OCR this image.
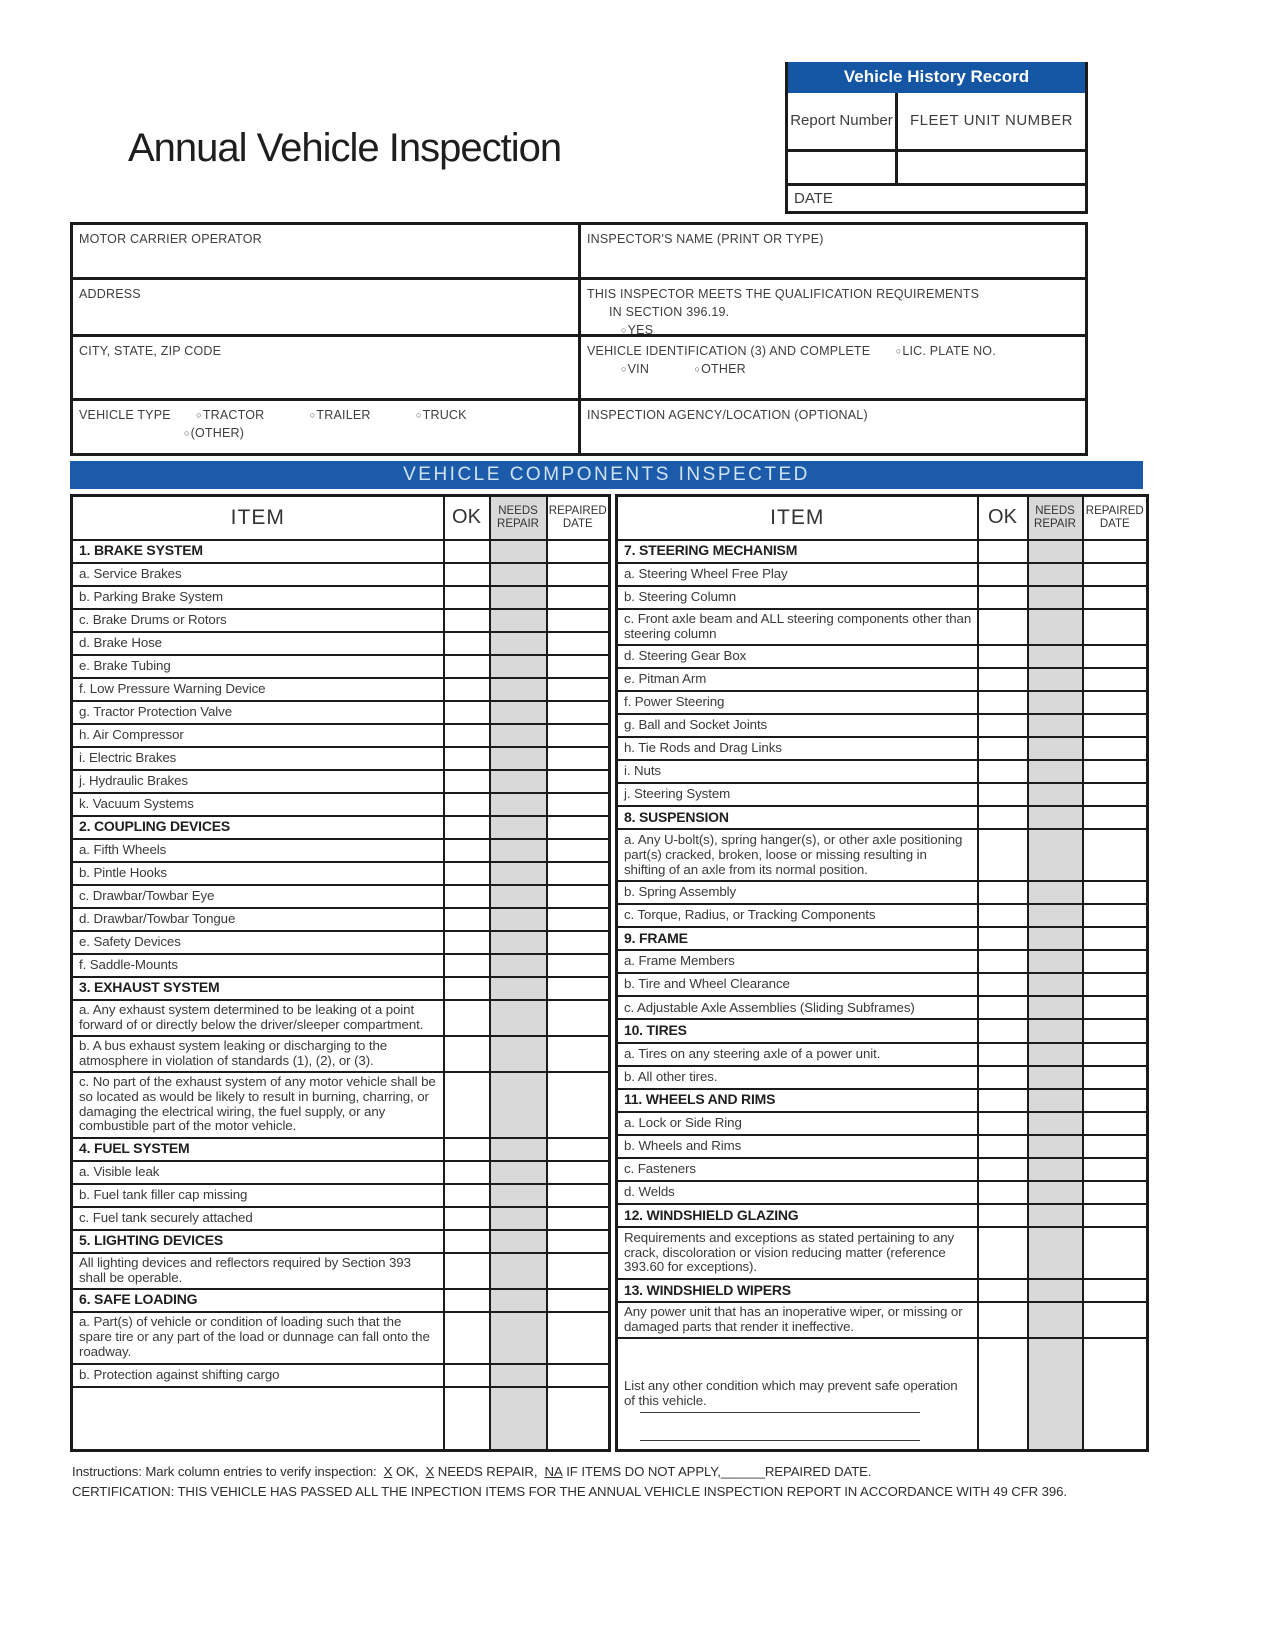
Annual Vehicle Inspection
Vehicle History Record
Report Number	FLEET UNIT NUMBER
DATE
MOTOR CARRIER OPERATOR	INSPECTOR'S NAME (PRINT OR TYPE)
ADDRESS	THIS INSPECTOR MEETS THE QUALIFICATION REQUIREMENTS
IN SECTION 396.19.
○YES
CITY, STATE, ZIP CODE	VEHICLE IDENTIFICATION (3) AND COMPLETE	○LIC. PLATE NO.
○VIN	○OTHER
VEHICLE TYPE	○TRACTOR	○TRAILER	○TRUCK
○(OTHER)
INSPECTION AGENCY/LOCATION (OPTIONAL)
VEHICLE COMPONENTS INSPECTED
ITEM	OK	NEEDS REPAIR	REPAIRED DATE
1. BRAKE SYSTEM			
a. Service Brakes			
b. Parking Brake System			
c. Brake Drums or Rotors			
d. Brake Hose			
e. Brake Tubing			
f. Low Pressure Warning Device			
g. Tractor Protection Valve			
h. Air Compressor			
i. Electric Brakes			
j. Hydraulic Brakes			
k. Vacuum Systems			
2. COUPLING DEVICES			
a. Fifth Wheels			
b. Pintle Hooks			
c. Drawbar/Towbar Eye			
d. Drawbar/Towbar Tongue			
e. Safety Devices			
f. Saddle-Mounts			
3. EXHAUST SYSTEM			
a. Any exhaust system determined to be leaking ot a point forward of or directly below the driver/sleeper compartment.			
b. A bus exhaust system leaking or discharging to the atmosphere in violation of standards (1), (2), or (3).			
c. No part of the exhaust system of any motor vehicle shall be so located as would be likely to result in burning, charring, or damaging the electrical wiring, the fuel supply, or any combustible part of the motor vehicle.			
4. FUEL SYSTEM			
a. Visible leak			
b. Fuel tank filler cap missing			
c. Fuel tank securely attached			
5. LIGHTING DEVICES			
All lighting devices and reflectors required by Section 393 shall be operable.			
6. SAFE LOADING			
a. Part(s) of vehicle or condition of loading such that the spare tire or any part of the load or dunnage can fall onto the roadway.			
b. Protection against shifting cargo			

ITEM	OK	NEEDS REPAIR	REPAIRED DATE
7. STEERING MECHANISM			
a. Steering Wheel Free Play			
b. Steering Column			
c. Front axle beam and ALL steering components other than steering column			
d. Steering Gear Box			
e. Pitman Arm			
f. Power Steering			
g. Ball and Socket Joints			
h. Tie Rods and Drag Links			
i. Nuts			
j. Steering System			
8. SUSPENSION			
a. Any U-bolt(s), spring hanger(s), or other axle positioning part(s) cracked, broken, loose or missing resulting in shifting of an axle from its normal position.			
b. Spring Assembly			
c. Torque, Radius, or Tracking Components			
9. FRAME			
a. Frame Members			
b. Tire and Wheel Clearance			
c. Adjustable Axle Assemblies (Sliding Subframes)			
10. TIRES			
a. Tires on any steering axle of a power unit.			
b. All other tires.			
11. WHEELS AND RIMS			
a. Lock or Side Ring			
b. Wheels and Rims			
c. Fasteners			
d. Welds			
12. WINDSHIELD GLAZING			
Requirements and exceptions as stated pertaining to any crack, discoloration or vision reducing matter (reference 393.60 for exceptions).			
13. WINDSHIELD WIPERS			
Any power unit that has an inoperative wiper, or missing or damaged parts that render it ineffective.			
List any other condition which may prevent safe operation of this vehicle.

Instructions: Mark column entries to verify inspection: X OK, X NEEDS REPAIR, NA IF ITEMS DO NOT APPLY,______REPAIRED DATE.
CERTIFICATION: THIS VEHICLE HAS PASSED ALL THE INPECTION ITEMS FOR THE ANNUAL VEHICLE INSPECTION REPORT IN ACCORDANCE WITH 49 CFR 396.
